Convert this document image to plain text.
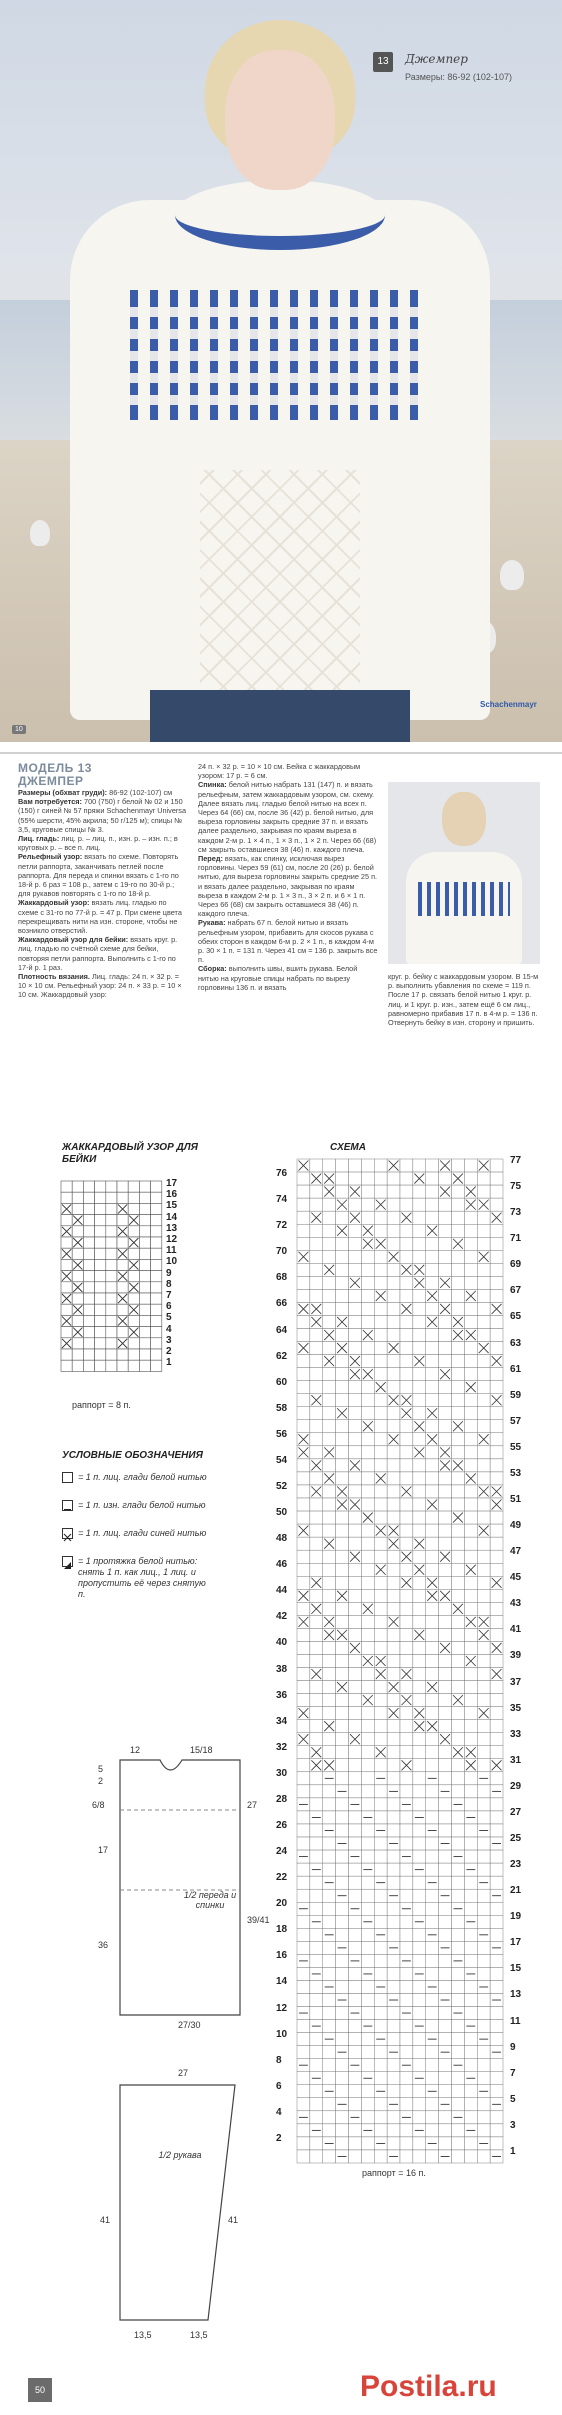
13	Джемпер
Размеры: 86-92 (102-107)
Schachenmayr
10
МОДЕЛЬ 13
ДЖЕМПЕР
Размеры (обхват груди): 86-92 (102-107) см
Вам потребуется: 700 (750) г белой № 02 и 150 (150) г синей № 57 пряжи Schachenmayr Universa (55% шерсти, 45% акрила; 50 г/125 м); спицы № 3,5, круговые спицы № 3.
Лиц. гладь: лиц. р. – лиц. п., изн. р. – изн. п.; в круговых р. – все п. лиц.
Рельефный узор: вязать по схеме. Повторять петли раппорта, заканчивать петлей после раппорта. Для переда и спинки вязать с 1-го по 18-й р. 6 раз = 108 р., затем с 19-го по 30-й р.; для рукавов повторять с 1-го по 18-й р.
Жаккардовый узор: вязать лиц. гладью по схеме с 31-го по 77-й р. = 47 р. При смене цвета перекрещивать нити на изн. стороне, чтобы не возникло отверстий.
Жаккардовый узор для бейки: вязать круг. р. лиц. гладью по счётной схеме для бейки, повторяя петли раппорта. Выполнить с 1-го по 17-й р. 1 раз.
Плотность вязания. Лиц. гладь: 24 п. × 32 р. = 10 × 10 см. Рельефный узор: 24 п. × 33 р. = 10 × 10 см. Жаккардовый узор:
24 п. × 32 р. = 10 × 10 см. Бейка с жаккардовым узором: 17 р. = 6 см.
Спинка: белой нитью набрать 131 (147) п. и вязать рельефным, затем жаккардовым узором, см. схему. Далее вязать лиц. гладью белой нитью на всех п. Через 64 (66) см, после 36 (42) р. белой нитью, для выреза горловины закрыть средние 37 п. и вязать далее раздельно, закрывая по краям выреза в каждом 2-м р. 1 × 4 п., 1 × 3 п., 1 × 2 п. Через 66 (68) см закрыть оставшиеся 38 (46) п. каждого плеча.
Перед: вязать, как спинку, исключая вырез горловины. Через 59 (61) см, после 20 (26) р. белой нитью, для выреза горловины закрыть средние 25 п. и вязать далее раздельно, закрывая по краям выреза в каждом 2-м р. 1 × 3 п., 3 × 2 п. и 6 × 1 п. Через 66 (68) см закрыть оставшиеся 38 (46) п. каждого плеча.
Рукава: набрать 67 п. белой нитью и вязать рельефным узором, прибавить для скосов рукава с обеих сторон в каждом 6-м р. 2 × 1 п., в каждом 4-м р. 30 × 1 п. = 131 п. Через 41 см = 136 р. закрыть все п.
Сборка: выполнить швы, вшить рукава. Белой нитью на круговые спицы набрать по вырезу горловины 136 п. и вязать
круг. р. бейку с жаккардовым узором. В 15-м р. выполнить убавления по схеме = 119 п. После 17 р. связать белой нитью 1 круг. р. лиц. и 1 круг. р. изн., затем ещё 6 см лиц., равномерно прибавив 17 п. в 4-м р. = 136 п. Отвернуть бейку в изн. сторону и пришить.
ЖАККАРДОВЫЙ УЗОР ДЛЯ БЕЙКИ
17
16
15
14
13
12
11
10
9
8
7
6
5
4
3
2
1
раппорт = 8 п.
УСЛОВНЫЕ ОБОЗНАЧЕНИЯ
= 1 п. лиц. глади белой нитью
= 1 п. изн. глади белой нитью
= 1 п. лиц. глади синей нитью
= 1 протяжка белой нитью: снять 1 п. как лиц., 1 лиц. и пропустить её через снятую п.
СХЕМА
76
74
72
70
68
66
64
62
60
58
56
54
52
50
48
46
44
42
40
38
36
34
32
30
28
26
24
22
20
18
16
14
12
10
8
6
4
2
77
75
73
71
69
67
65
63
61
59
57
55
53
51
49
47
45
43
41
39
37
35
33
31
29
27
25
23
21
19
17
15
13
11
9
7
5
3
1
раппорт = 16 п.
1/2 переда и спинки
12	15/18
5
2
6/8
17
36
27
39/41
27/30
27
1/2 рукава
41	41
13,5	13,5
50	Postila.ru
